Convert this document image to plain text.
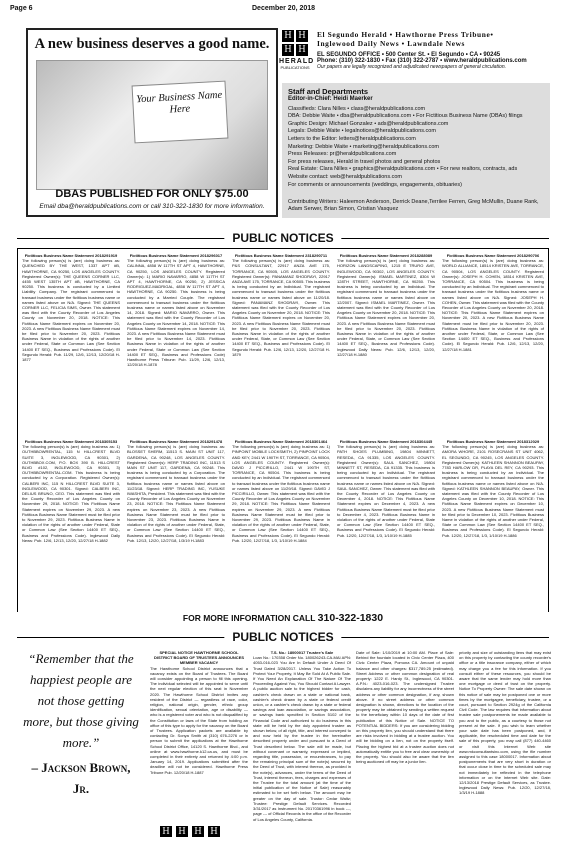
Page 6	December 20, 2018
A new business deserves a good name.
Your Business Name Here
DBAS PUBLISHED FOR ONLY $75.00
Email dba@heraldpublications.com or call 310-322-1830 for more information.
H H
H H
HERALD
PUBLICATIONS
El Segundo Herald • Hawthorne Press Tribune•
Inglewood Daily News • Lawndale News
EL SEGUNDO OFFICE • 500 Center St. • El Segundo • CA • 90245
Phone: (310) 322-1830 • Fax (310) 322-2787 • www.heraldpublications.com
Our papers are legally recognized and adjudicated newspapers of general circulation.
Staff and Departments
Editor-in-Chief: Heidi Maerker
Classifieds: Clara Nilles • class@heraldpublications.com
DBA: Debbie Waite • dba@heraldpublications.com • For Fictitious Business Name (DBAs) filings
Graphic Design: Michael Gonzalez • ads@heraldpublications.com
Legals: Debbie Waite • legalnotices@heraldpublications.com
Letters to the Editor: letters@heraldpublications.com
Marketing: Debbie Waite • marketing@heraldpublications.com
Press Releases: pr@heraldpublications.com
For press releases, Herald in travel photos and general photos
Real Estate: Clara Nilles • graphics@heraldpublications.com • For new realtors, contracts, ads
Website contact: web@heraldpublications.com
For comments or announcements (weddings, engagements, obituaries)
Contributing Writers: Haleemon Anderson, Derrick Deane,Terrilee Ferren, Greg McMullin, Duane Rank, Adam Serwer, Brian Simon, Cristian Vasquez
PUBLIC NOTICES
Fictitious Business Name Statement 2018291919
The following person(s) is (are) doing business as: QUENCHED BY THE WEST, 1337 APT #B, HAWTHORNE, CA 90250, LOS ANGELES COUNTY. Registered Owner(s): THE QUEENS CORNER LLC, 4455 WEST 135TH APT #B, HAWTHORNE, CA 90250. This business is conducted by a Limited Liability Company. The registrant commenced to transact business under the fictitious business name or names listed above on N/A. Signed: THE QUEENS CORNER LLC, FELICIA SIMS, Owner. This statement was filed with the County Recorder of Los Angeles County on November 20, 2018. NOTICE: This Fictitious Name Statement expires on November 20, 2023. A new Fictitious Business Name Statement must be filed prior to November 20, 2023. Fictitious Business Name in violation of the rights of another under Federal, State or Common Law (See Section 14400 ET SEQ., Business and Professions Code). El Segundo Herald: Pub. 11/29, 12/6, 12/13, 12/20/18 H-1877
Fictitious Business Name Statement 2018296017
The following person(s) is (are) doing business as: CALINNA, 4858 W 117TH ST APT 4, HAWTHORNE, CA 90250, LOS ANGELES COUNTY. Registered Owner(s): 1) MARIO NAVARRO, 4858 W 117TH ST APT 4, HAWTHORNE, CA 90250, 2) JESSICA RODRIGUEZ-MADRIGAL, 4858 W 117TH ST APT 4, HAWTHORNE, CA 90250. This business is being conducted by a Married Couple. The registrant commenced to transact business under the fictitious business name or names listed above on November 14, 2018. Signed: MARIO NAVARRO, Owner. This statement was filed with the County Recorder of Los Angeles County on November 14, 2018. NOTICE: This Fictitious Name Statement expires on November 14, 2023. A new Fictitious Business Name Statement must be filed prior to November 14, 2023. Fictitious Business Name in violation of the rights of another under Federal, State or Common Law (See Section 14400 ET SEQ., Business and Professions Code) Hawthorne Press Tribune: Pub. 11/29, 12/6, 12/13, 12/20/18 H-1878
Fictitious Business Name Statement 2318290711
The following person(s) is (are) doing business as: P&S CONSULTANT, 22917 ANZA AVE 175, TORRANCE, CA 90505, LOS ANGELES COUNTY. Registered Owner(s): PANAMANZ SHODRAYI, 22917 ANZA AVE 175, TORRANCE, CA 90505. This business is being conducted by an Individual. The registrant commenced to transact business under the fictitious business name or names listed above on 11/20/18. Signed: PANAMANZ SHODRAYI, Owner. This statement was filed with the County Recorder of Los Angeles County on November 20, 2018. NOTICE: This Fictitious Name Statement expires on November 20, 2023. A new Fictitious Business Name Statement must be filed prior to November 20, 2023. Fictitious Business Name in violation of the rights of another under Federal, State, or Common Law (See Section 14400 ET SEQ., Business and Professions Code). El Segundo Herald: Pub. 12/6, 12/13, 12/20, 12/27/18 H-1879
Fictitious Business Name Statement 2018288089
The following person(s) is (are) doing business as: HORIZON LANDSCAPING, 1215 E TRURO AVE, INGLEWOOD, CA 90302, LOS ANGELES COUNTY. Registered Owner(s): ISMAEL MARTINEZ, 8304 W 128TH STREET, HAWTHORNE, CA 90250. This business is being conducted by an Individual. The registrant commenced to transact business under the fictitious business name or names listed above on 12/2007. Signed: ISMAEL MARTINEZ, Owner. This statement was filed with the County Recorder of Los Angeles County on November 20, 2018. NOTICE: This Fictitious Name Statement expires on November 20, 2023. A new Fictitious Business Name Statement must be filed prior to November 20, 2023. Fictitious Business Name in violation of the rights of another under Federal, State, or Common Law (See Section 14400 ET SEQ., Business and Professions Code). Inglewood Daily News: Pub. 12/6, 12/13, 12/20, 12/27/18 H-1880
Fictitious Business Name Statement 2018290706
The following person(s) is (are) doing business as: WORLD ALLIANCE, 18514 KRISTEN AVE, TORRANCE, CA 90504, LOS ANGELES COUNTY. Registered Owner(s): JOSEPH H. COHEN, 18514 KRISTEN AVE, TORRANCE, CA 90504. This business is being conducted by an Individual. The registrant commenced to transact business under the fictitious business name or names listed above on N/A. Signed: JOSEPH H. COHEN, Owner. This statement was filed with the County Recorder of Los Angeles County on November 20, 2018. NOTICE: This Fictitious Name Statement expires on November 20, 2023. A new Fictitious Business Name Statement must be filed prior to November 20, 2023. Fictitious Business Name in violation of the rights of another under Federal, State, or Common Law (See Section 14400 ET SEQ., Business and Professions Code). El Segundo Herald: Pub. 12/6, 12/13, 12/20, 12/27/18 H-1881
Fictitious Business Name Statement 2018305153
The following person(s) is (are) doing business as: 1) OUTHBBOWRENTAL, 115 N HILLCREST BLVD SUITE 3, INGLEWOOD, CA 90301, 2) OUTHBBOX.COM, P.O. BOX 390 B. HILLCREST BLVD #102, INGLEWOOD, CA 90301, 3) OUTHBBOWRENTAL.COM. This business is being conducted by a Corporation. Registered Owner(s): CALBERI INC, 115 N HILLCREST BLVD SUITE 3, INGLEWOOD, CA 90301. Signed: CALBERI INC, DELIUS BRUNO, CEO. This statement was filed with the County Recorder of Los Angeles County on November 29, 2018. NOTICE: This Fictitious Name Statement expires on November 29, 2023. A new Fictitious Business Name Statement must be filed prior to November 29, 2023. Fictitious Business Name in violation of the rights of another under Federal, State or Common Law (See Section 14400 ET SEQ., Business and Professions Code). Inglewood Daily News: Pub. 12/6, 12/13, 12/20, 12/27/18 H-1882
Fictitious Business Name Statement 2018291478
The following person(s) is (are) doing business as: BLOSSET SHERM, 11513 S. MAIN ST UNIT 117, GARDENA, CA 90248, LOS ANGELES COUNTY. Registered Owner(s): HERP TRADING INC, 11513 S MAIN ST UNIT 117, GARDENA, CA 90248. This business is being conducted by a Corporation. The registrant commenced to transact business under the fictitious business name or names listed above on 11/23/18. Signed: HERP TRADING INC, YUSUKE IWASHITA, President. This statement was filed with the County Recorder of Los Angeles County on November 23, 2018. NOTICE: This Fictitious Name Statement expires on November 23, 2023. A new Fictitious Business Name Statement must be filed prior to November 23, 2023. Fictitious Business Name in violation of the rights of another under Federal, State, or Common Law (See Section 14400 ET SEQ., Business and Professions Code). El Segundo Herald: Pub. 12/13, 12/20, 12/27/18, 1/3/19 H-1883
Fictitious Business Name Statement 2018301464
The following person(s) is (are) doing business as: 1) PINPOINT MOBILE LOCKSMITH, 2) PINPOINT LOCK AND KEY, 2441 W 190TH ST, TORRANCE, CA 90504, LOS ANGELES COUNTY. Registered Owner(s): DAVID J PICCIRILLO, 2441 W 190TH ST, TORRANCE, CA 90504. This business is being conducted by an Individual. The registrant commenced to transact business under the fictitious business name or names listed above on 11/29/18. Signed: DAVID J PICCIRILLO, Owner. This statement was filed with the County Recorder of Los Angeles County on November 29, 2018. NOTICE: This Fictitious Name Statement expires on November 29, 2023. A new Fictitious Business Name Statement must be filed prior to November 29, 2023. Fictitious Business Name in violation of the rights of another under Federal, State, or Common Law (See Section 14400 ET SEQ., Business and Professions Code). El Segundo Herald: Pub. 12/20, 12/27/18, 1/3, 1/10/19 H-1884
Fictitious Business Name Statement 2018304445
The following person(s) is (are) doing business as: PATH SHOES PLUMBING, 19804 MINNETT, RESEDA, CA 91335, LOS ANGELES COUNTY. Registered Owner(s): SAUL SANCHEZ, 19804 MINNETT ST, RESEDA, CA 91335. This business is being conducted by an Individual. The registrant commenced to transact business under the fictitious business name or names listed above on N/A. Signed: SAUL SANCHEZ, Owner. This statement was filed with the County Recorder of Los Angeles County on December 4, 2018. NOTICE: This Fictitious Name Statement expires on December 4, 2023. A new Fictitious Business Name Statement must be filed prior to December 4, 2023. Fictitious Business Name in violation of the rights of another under Federal, State or Common Law (See Section 14400 ET SEQ., Business and Professions Code). El Segundo Herald: Pub. 12/20, 12/27/18, 1/3, 1/10/19 H-1885
Fictitious Business Name Statement 2018312029
The following person(s) is (are) doing business as: AMORA WHORE, 2101 ROSECRANS ST UNIT 4062, EL SEGUNDO, CA 90245, LOS ANGELES COUNTY. Registered Owner(s): KATHLEEN SHANNON BEAUPAY, 7783 HARLOW DR, PLAYA DEL REY, CA 90293. This business is being conducted by an Individual. The registrant commenced to transact business under the fictitious business name or names listed above on N/A. Signed: KATHLEEN SHANNON BEAUPAY, Owner. This statement was filed with the County Recorder of Los Angeles County on December 10, 2018. NOTICE: This Fictitious Name Statement expires on December 10, 2023. A new Fictitious Business Name Statement must be filed prior to December 10, 2023. Fictitious Business Name in violation of the rights of another under Federal, State or Common Law (See Section 14400 ET SEQ., Business and Professions Code). El Segundo Herald: Pub. 12/20, 12/27/18, 1/3, 1/10/19 H-1886
FOR MORE INFORMATION CALL 310-322-1830
PUBLIC NOTICES
“Remember that the happiest people are not those getting more, but those giving more.”
– Jackson Brown, Jr.
SPECIAL NOTICE HAWTHORNE SCHOOL DISTRICT BOARD OF TRUSTEES ANNOUNCES MEMBER VACANCY
The Hawthorne School District announces that a vacancy exists on the Board of Trustees. The Board will consider appointing a person to fill this opening. The individual selected will be appointed to serve until the next regular election of this seat in November 2020. The Hawthorne School District invites any resident of the District — regardless of race, color, religion, national origin, gender, ethnic group identification, sexual orientation, age or disability — who is a registered voter and who is not disqualified by the Constitution or laws of the State from holding an office of this type to apply for the vacancy on the Board of Trustees. Application packets are available by contacting Dr. Sonya Smith at (310) 676-2276 or in person to submit the applications at the Hawthorne School District Office, 14120 S. Hawthorne Blvd., and online at www.hawthorne.k12.ca.us, and must be completed in their entirety and returned by 4:00 p.m. January 14, 2019. Applications submitted after the deadline will not be considered. Hawthorne Press Tribune Pub. 12/20/18 H-1887
T.S. No.: 18000017 Trustee's Sale
Loan No.: 170358 Order No. 180026243-CA-MAI APN: 4053-016-023 You Are In Default Under A Deed Of Trust Dated 3/28/2017. Unless You Take Action To Protect Your Property, It May Be Sold At A Public Sale. If You Need An Explanation Of The Nature Of The Proceeding Against You, You Should Contact A Lawyer. A public auction sale to the highest bidder for cash, cashier's check drawn on a state or national bank, cashier's check drawn by a state or federal credit union, or a cashier's check drawn by a state or federal savings and loan association, or savings association, or savings bank specified in Section 5102 of the Financial Code and authorized to do business in this state will be held by the duly appointed trustee as shown below, of all right, title, and interest conveyed to and now held by the trustee in the hereinafter described property under and pursuant to a Deed of Trust described below. The sale will be made, but without covenant or warranty, expressed or implied, regarding title, possession, or encumbrances, to pay the remaining principal sum of the note(s) secured by the Deed of Trust, with interest thereon, as provided in the note(s), advances, under the terms of the Deed of Trust, interest thereon, fees, charges and expenses of the Trustee for the total amount (at the time of the initial publication of the Notice of Sale) reasonably estimated to be set forth below. The amount may be greater on the day of sale. Trustor: Cedar Waltz; Trustee: Prestige Default Services. Recorded 3/31/2017 as Instrument No. 20170361996 in book ---, page --- of Official Records in the office of the Recorder of Los Angeles County, California.
Date of Sale: 1/10/2019 at 10:00 AM. Place of Sale: Behind the fountain located in Civic Center Plaza, 400 Civic Center Plaza, Pomona CA. Amount of unpaid balance and other charges: $317,789.25 (estimated). Street Address or other common designation of real property: 1222 E. Hardy St., Inglewood, CA 90301. A.P.N.: 4023-016-023. The undersigned Trustee disclaims any liability for any incorrectness of the street address or other common designation, if any, shown above. If no street address or other common designation is shown, directions to the location of the property may be obtained by sending a written request to the beneficiary within 10 days of the date of first publication of this Notice of Sale. NOTICE TO POTENTIAL BIDDERS: If you are considering bidding on this property lien, you should understand that there are risks involved in bidding at a trustee auction. You will be bidding on a lien, not on the property itself. Placing the highest bid at a trustee auction does not automatically entitle you to free and clear ownership of the property. You should also be aware that the lien being auctioned off may be a junior lien.
priority and size of outstanding liens that may exist on this property by contacting the county recorder's office or a title insurance company, either of which may charge you a fee for this information. If you consult either of these resources, you should be aware that the same lender may hold more than one mortgage or deed of trust on the property. Notice To Property Owner: The sale date shown on this notice of sale may be postponed one or more times by the mortgagee, beneficiary, trustee, or a court, pursuant to Section 2924g of the California Civil Code. The law requires that information about trustee sale postponements be made available to you and to the public, as a courtesy to those not present at the sale. If you wish to learn whether your sale date has been postponed, and, if applicable, the rescheduled time and date for the sale of this property, you may call (877) 440-4460 or visit this Internet Web site www.mkconsultantsinc.com, using the file number assigned to this case 18000017. Information about postponements that are very short in duration or that occur close in time to the scheduled sale may not immediately be reflected in the telephone information or on the Internet Web site. Date: 12/13/2018 Prestige Default Services, as Trustee. Inglewood Daily News: Pub. 12/20, 12/27/18, 1/3/19 H-1888
H H H H
